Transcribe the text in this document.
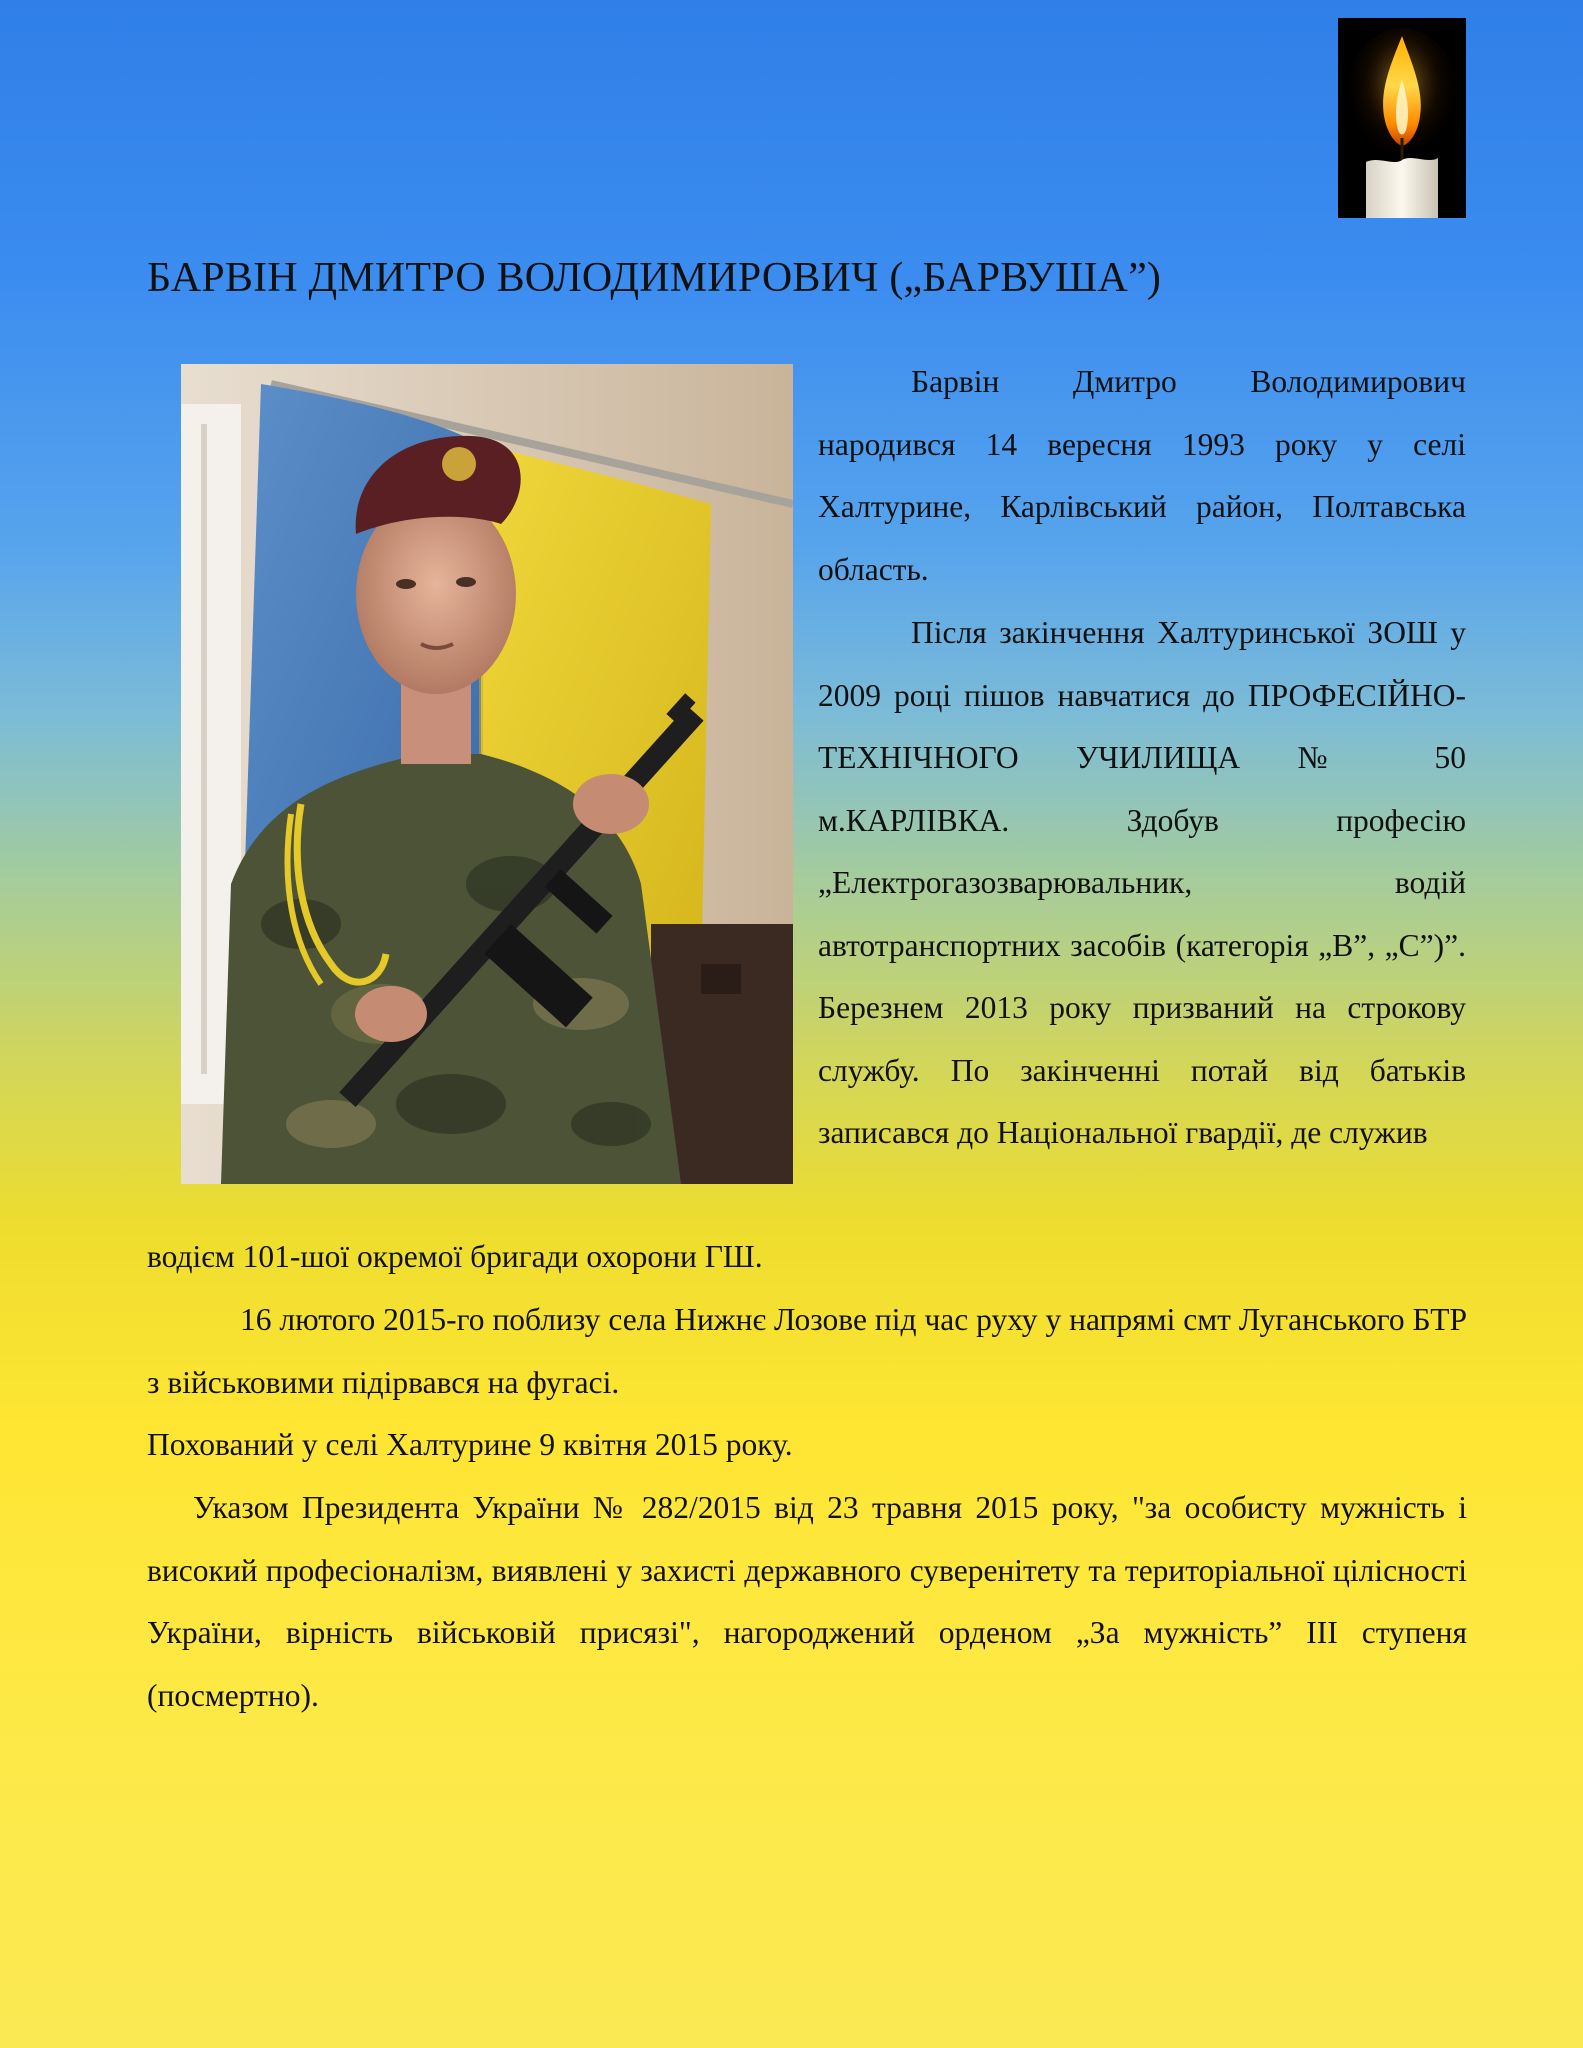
БАРВІН ДМИТРО ВОЛОДИМИРОВИЧ („БАРВУША”)

Барвін Дмитро Володимирович народився 14 вересня 1993 року у селі Халтурине, Карлівський район, Полтавська область.

Після закінчення Халтуринської ЗОШ у 2009 році пішов навчатися до ПРОФЕСІЙНО-ТЕХНІЧНОГО УЧИЛИЩА № 50 м.КАРЛІВКА. Здобув професію „Електрогазозварювальник, водій автотранспортних засобів (категорія „В”, „С”)”. Березнем 2013 року призваний на строкову службу. По закінченні потай від батьків записався до Національної гвардії, де служив

водієм 101-шої окремої бригади охорони ГШ.

16 лютого 2015-го поблизу села Нижнє Лозове під час руху у напрямі смт Луганського БТР з військовими підірвався на фугасі.

Похований у селі Халтурине 9 квітня 2015 року.

Указом Президента України № 282/2015 від 23 травня 2015 року, "за особисту мужність і високий професіоналізм, виявлені у захисті державного суверенітету та територіальної цілісності України, вірність військовій присязі", нагороджений орденом „За мужність” ІІІ ступеня (посмертно).
